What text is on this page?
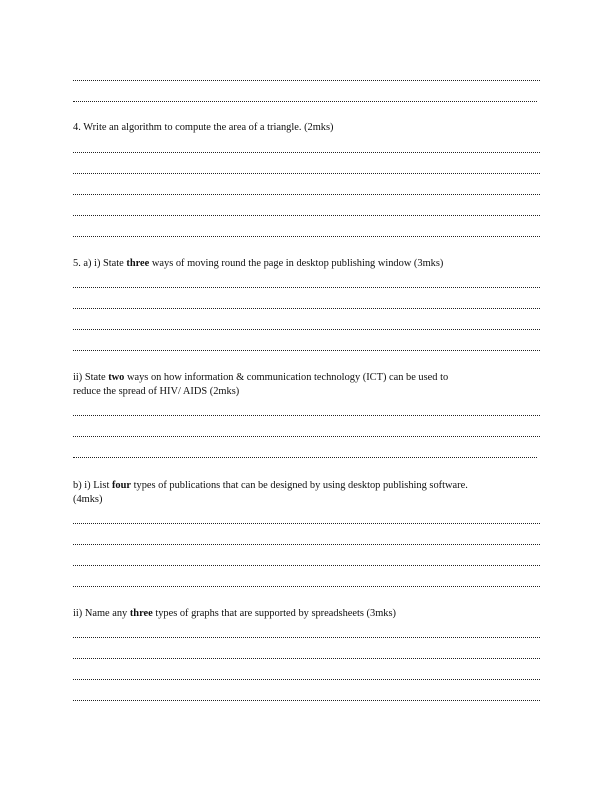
4. Write an algorithm to compute the area of a triangle. (2mks)
5. a) i) State three ways of moving round the page in desktop publishing window (3mks)
ii) State two ways on how information & communication technology (ICT) can be used to
reduce the spread of HIV/ AIDS (2mks)
b) i) List four types of publications that can be designed by using desktop publishing software.
(4mks)
ii) Name any three types of graphs that are supported by spreadsheets (3mks)
